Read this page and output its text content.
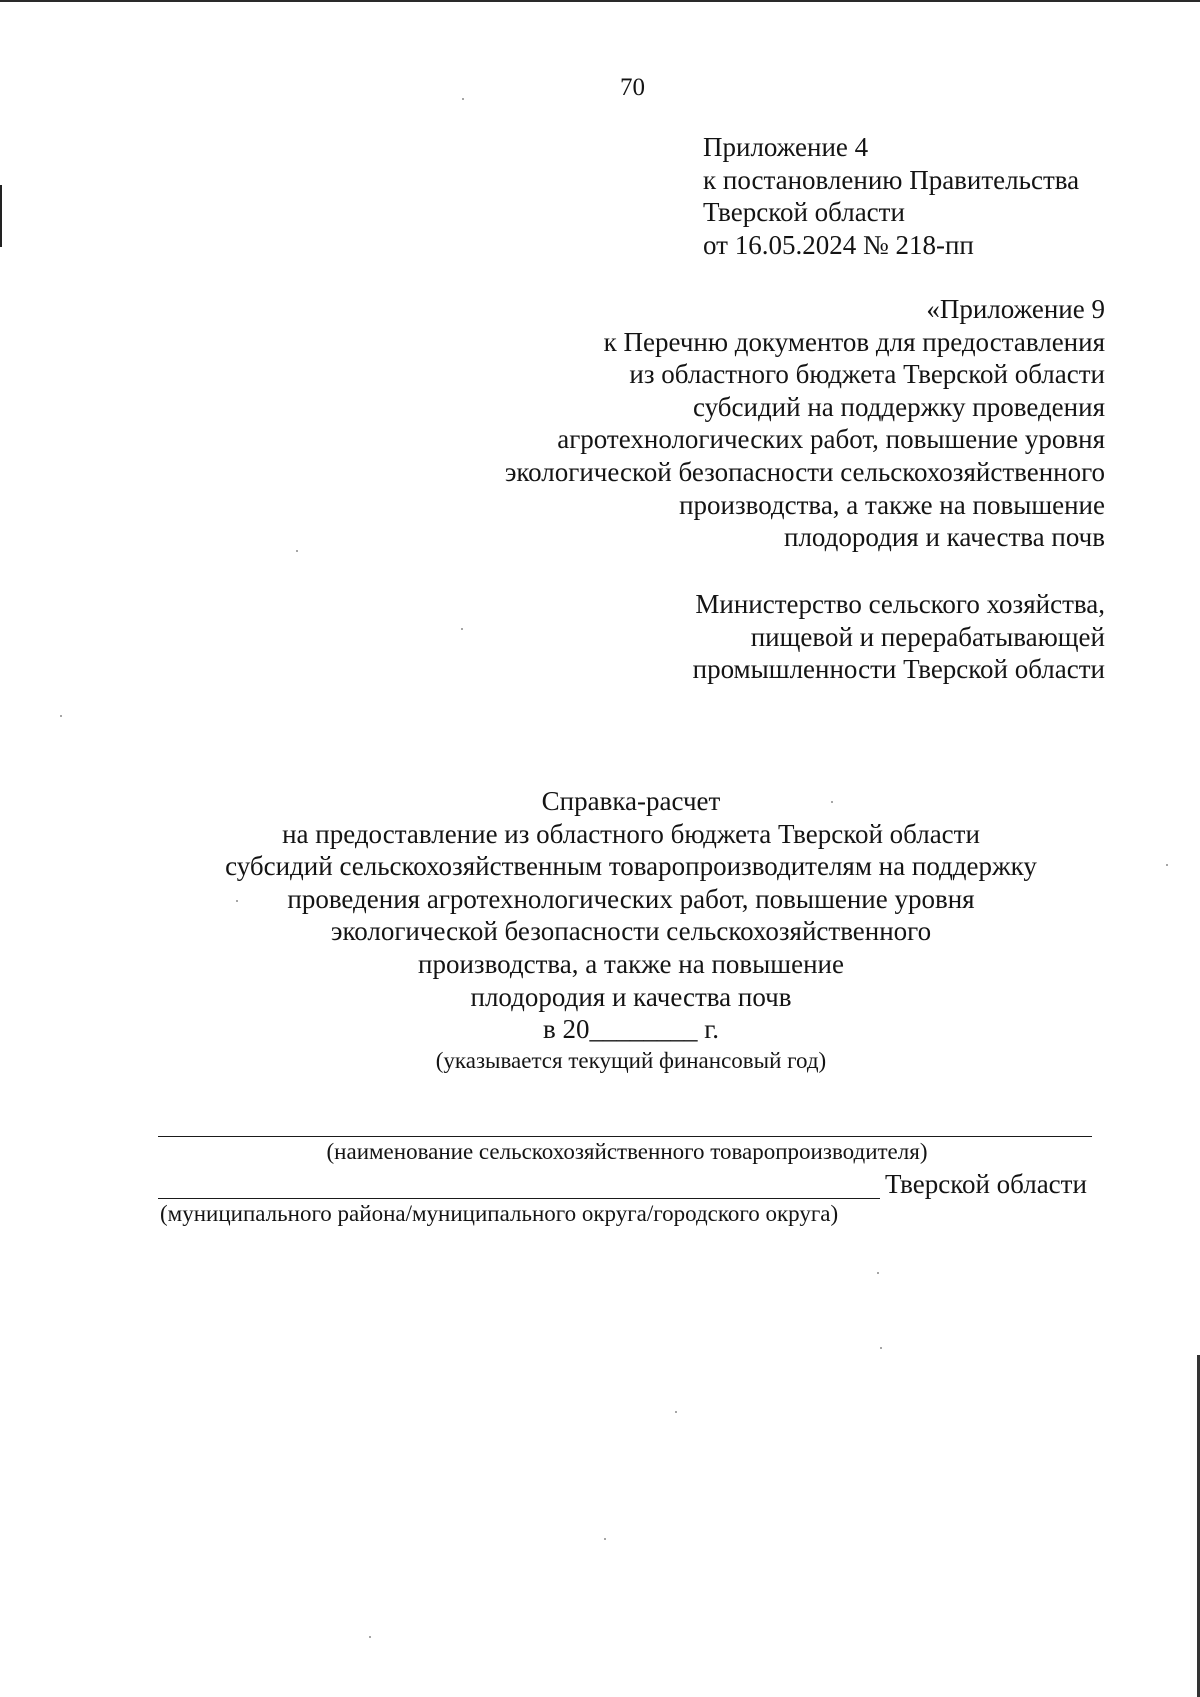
70
Приложение 4
к постановлению Правительства
Тверской области
от 16.05.2024 № 218-пп
«Приложение 9
к Перечню документов для предоставления
из областного бюджета Тверской области
субсидий на поддержку проведения
агротехнологических работ, повышение уровня
экологической безопасности сельскохозяйственного
производства, а также на повышение
плодородия и качества почв
Министерство сельского хозяйства,
пищевой и перерабатывающей
промышленности Тверской области
Справка-расчет
на предоставление из областного бюджета Тверской области
субсидий сельскохозяйственным товаропроизводителям на поддержку
проведения агротехнологических работ, повышение уровня
экологической безопасности сельскохозяйственного
производства, а также на повышение
плодородия и качества почв
в 20________ г.
(указывается текущий финансовый год)
(наименование сельскохозяйственного товаропроизводителя)
Тверской области
(муниципального района/муниципального округа/городского округа)
